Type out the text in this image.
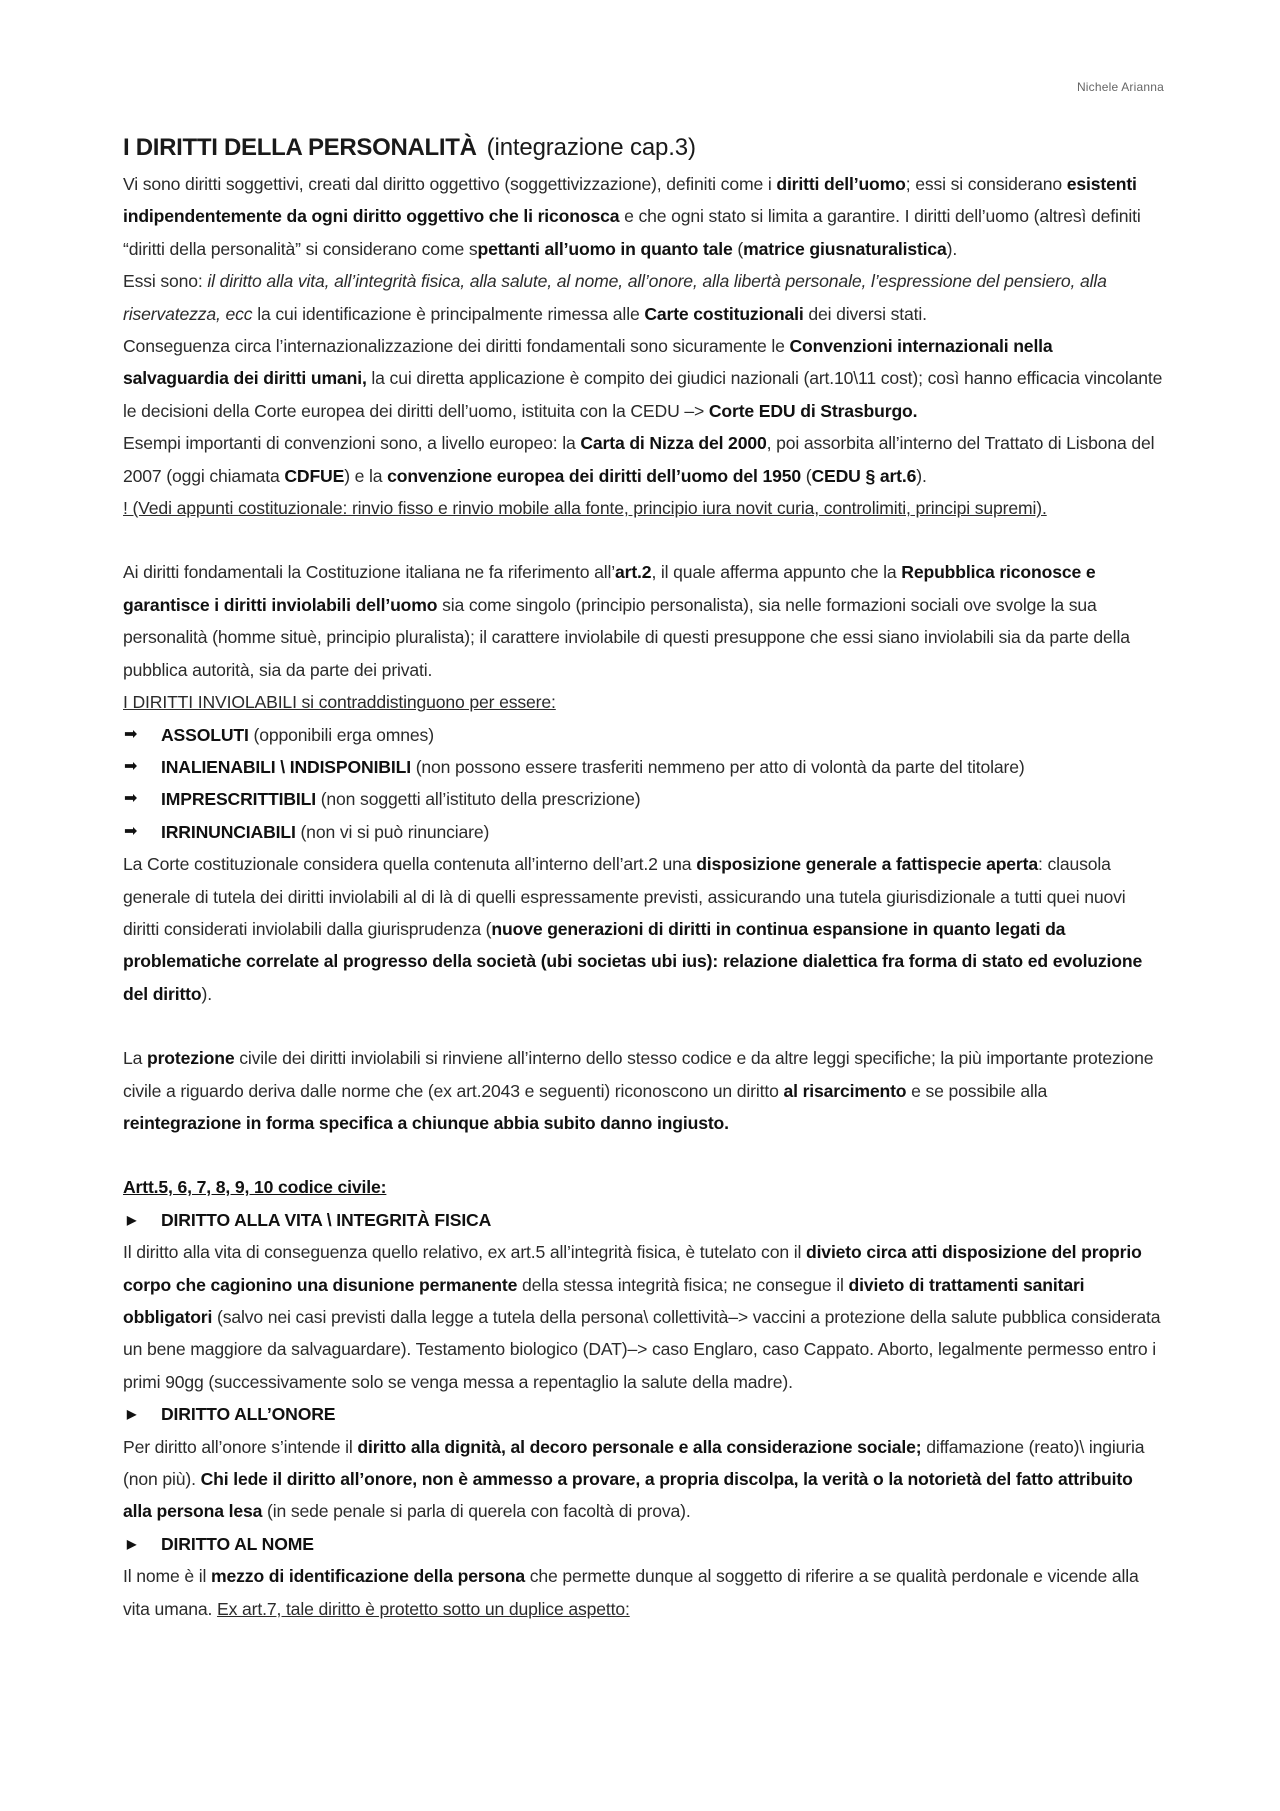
Nichele Arianna
I DIRITTI DELLA PERSONALITÀ (integrazione cap.3)

Vi sono diritti soggettivi, creati dal diritto oggettivo (soggettivizzazione), definiti come i diritti dell’uomo; essi si considerano esistenti indipendentemente da ogni diritto oggettivo che li riconosca e che ogni stato si limita a garantire. I diritti dell’uomo (altresì definiti “diritti della personalità” si considerano come spettanti all’uomo in quanto tale (matrice giusnaturalistica).

Essi sono: il diritto alla vita, all’integrità fisica, alla salute, al nome, all’onore, alla libertà personale, l’espressione del pensiero, alla riservatezza, ecc la cui identificazione è principalmente rimessa alle Carte costituzionali dei diversi stati.

Conseguenza circa l’internazionalizzazione dei diritti fondamentali sono sicuramente le Convenzioni internazionali nella salvaguardia dei diritti umani, la cui diretta applicazione è compito dei giudici nazionali (art.10\11 cost); così hanno efficacia vincolante le decisioni della Corte europea dei diritti dell’uomo, istituita con la CEDU –> Corte EDU di Strasburgo.

Esempi importanti di convenzioni sono, a livello europeo: la Carta di Nizza del 2000, poi assorbita all’interno del Trattato di Lisbona del 2007 (oggi chiamata CDFUE) e la convenzione europea dei diritti dell’uomo del 1950 (CEDU § art.6).

! (Vedi appunti costituzionale: rinvio fisso e rinvio mobile alla fonte, principio iura novit curia, controlimiti, principi supremi).

Ai diritti fondamentali la Costituzione italiana ne fa riferimento all’art.2, il quale afferma appunto che la Repubblica riconosce e garantisce i diritti inviolabili dell’uomo sia come singolo (principio personalista), sia nelle formazioni sociali ove svolge la sua personalità (homme situè, principio pluralista); il carattere inviolabile di questi presuppone che essi siano inviolabili sia da parte della pubblica autorità, sia da parte dei privati.

I DIRITTI INVIOLABILI si contraddistinguono per essere:

➡ ASSOLUTI (opponibili erga omnes)
➡ INALIENABILI \ INDISPONIBILI (non possono essere trasferiti nemmeno per atto di volontà da parte del titolare)
➡ IMPRESCRITTIBILI (non soggetti all’istituto della prescrizione)
➡ IRRINUNCIABILI (non vi si può rinunciare)

La Corte costituzionale considera quella contenuta all’interno dell’art.2 una disposizione generale a fattispecie aperta: clausola generale di tutela dei diritti inviolabili al di là di quelli espressamente previsti, assicurando una tutela giurisdizionale a tutti quei nuovi diritti considerati inviolabili dalla giurisprudenza (nuove generazioni di diritti in continua espansione in quanto legati da problematiche correlate al progresso della società (ubi societas ubi ius): relazione dialettica fra forma di stato ed evoluzione del diritto).

La protezione civile dei diritti inviolabili si rinviene all’interno dello stesso codice e da altre leggi specifiche; la più importante protezione civile a riguardo deriva dalle norme che (ex art.2043 e seguenti) riconoscono un diritto al risarcimento e se possibile alla reintegrazione in forma specifica a chiunque abbia subito danno ingiusto.

Artt.5, 6, 7, 8, 9, 10 codice civile:

▶ DIRITTO ALLA VITA \ INTEGRITÀ FISICA

Il diritto alla vita di conseguenza quello relativo, ex art.5 all’integrità fisica, è tutelato con il divieto circa atti disposizione del proprio corpo che cagionino una disunione permanente della stessa integrità fisica; ne consegue il divieto di trattamenti sanitari obbligatori (salvo nei casi previsti dalla legge a tutela della persona\ collettività–> vaccini a protezione della salute pubblica considerata un bene maggiore da salvaguardare). Testamento biologico (DAT)–> caso Englaro, caso Cappato. Aborto, legalmente permesso entro i primi 90gg (successivamente solo se venga messa a repentaglio la salute della madre).

▶ DIRITTO ALL’ONORE

Per diritto all’onore s’intende il diritto alla dignità, al decoro personale e alla considerazione sociale; diffamazione (reato)\ ingiuria (non più). Chi lede il diritto all’onore, non è ammesso a provare, a propria discolpa, la verità o la notorietà del fatto attribuito alla persona lesa (in sede penale si parla di querela con facoltà di prova).

▶ DIRITTO AL NOME

Il nome è il mezzo di identificazione della persona che permette dunque al soggetto di riferire a se qualità perdonale e vicende alla vita umana. Ex art.7, tale diritto è protetto sotto un duplice aspetto:
